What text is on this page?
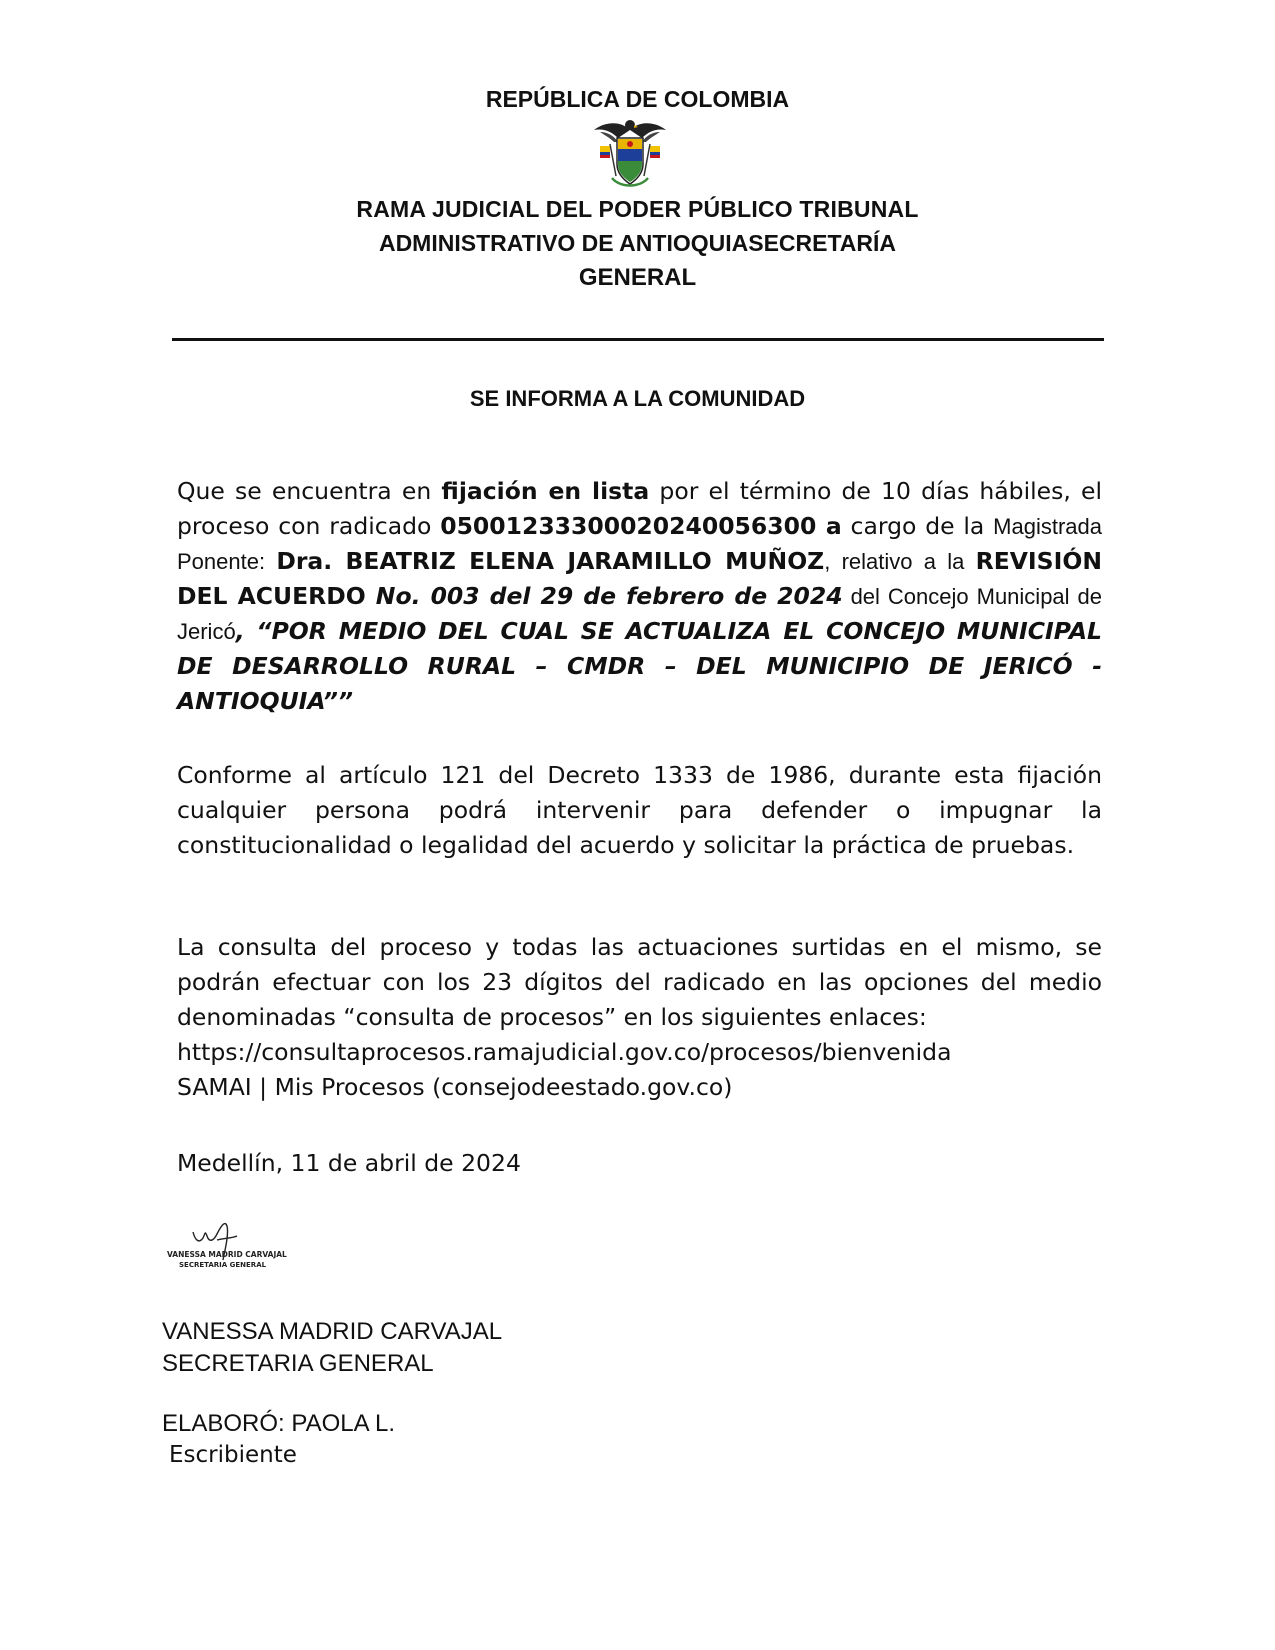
REPÚBLICA DE COLOMBIA
RAMA JUDICIAL DEL PODER PÚBLICO TRIBUNAL
ADMINISTRATIVO DE ANTIOQUIASECRETARÍA
GENERAL
SE INFORMA A LA COMUNIDAD
Que se encuentra en fijación en lista por el término de 10 días hábiles, el proceso con radicado 05001233300020240056300 a cargo de la Magistrada Ponente: Dra. BEATRIZ ELENA JARAMILLO MUÑOZ, relativo a la REVISIÓN DEL ACUERDO No. 003 del 29 de febrero de 2024 del Concejo Municipal de Jericó, “POR MEDIO DEL CUAL SE ACTUALIZA EL CONCEJO MUNICIPAL DE DESARROLLO RURAL – CMDR – DEL MUNICIPIO DE JERICÓ - ANTIOQUIA””
Conforme al artículo 121 del Decreto 1333 de 1986, durante esta fijación cualquier persona podrá intervenir para defender o impugnar la constitucionalidad o legalidad del acuerdo y solicitar la práctica de pruebas.
La consulta del proceso y todas las actuaciones surtidas en el mismo, se podrán efectuar con los 23 dígitos del radicado en las opciones del medio denominadas “consulta de procesos” en los siguientes enlaces:
https://consultaprocesos.ramajudicial.gov.co/procesos/bienvenida
SAMAI | Mis Procesos (consejodeestado.gov.co)
Medellín, 11 de abril de 2024
VANESSA MADRID CARVAJAL
SECRETARIA GENERAL
VANESSA MADRID CARVAJAL
SECRETARIA GENERAL
ELABORÓ: PAOLA L.
Escribiente
